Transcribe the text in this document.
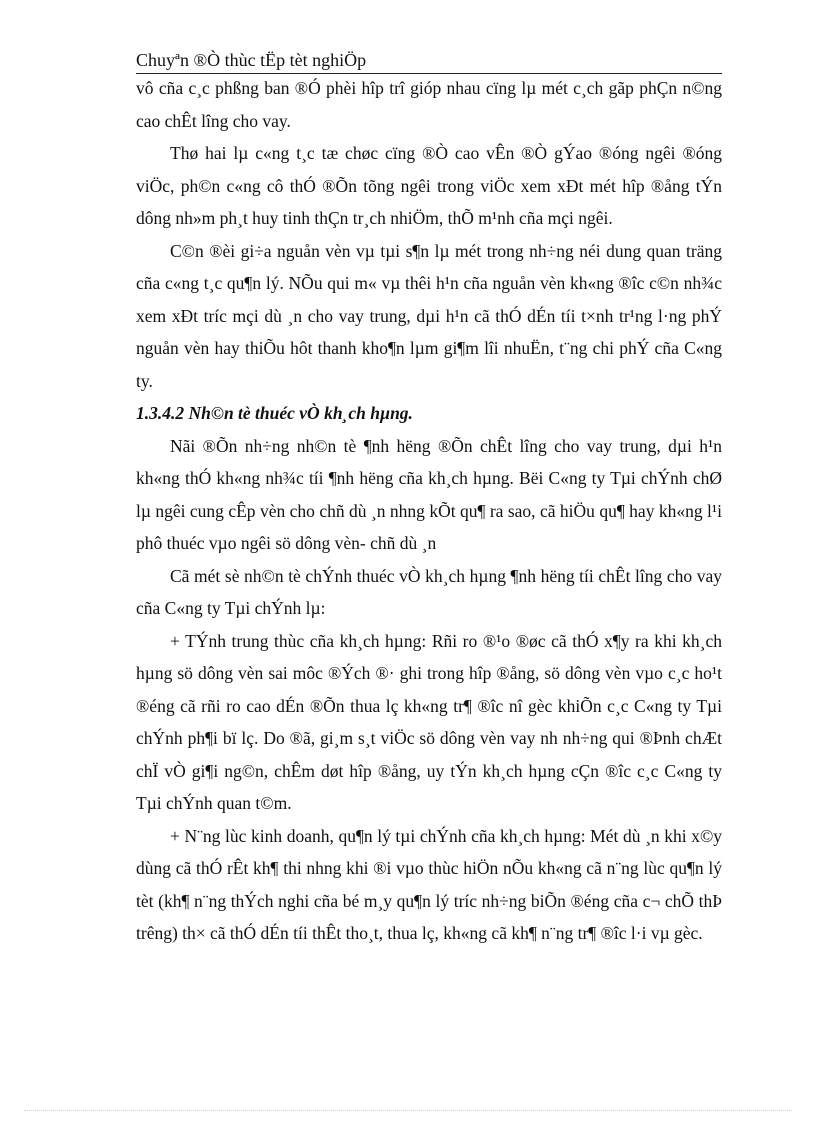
Chuyªn ®Ò thùc tËp tèt nghiÖp

vô cña c¸c phßng ban ®Ó phèi hîp trî gióp nhau cïng lµ mét c¸ch gãp phÇn n©ng cao chÊt lîng cho vay.

Thø hai lµ c«ng t¸c tæ chøc cïng ®Ò cao vÊn ®Ò gÝao ®óng ngêi ®óng viÖc, ph©n c«ng cô thÓ ®Õn tõng ngêi trong viÖc xem xÐt mét hîp ®ång tÝn dông nh»m ph¸t huy tinh thÇn tr¸ch nhiÖm, thÕ m¹nh cña mçi ngêi.

C©n ®èi gi÷a nguån vèn vµ tµi s¶n lµ mét trong nh÷ng néi dung quan träng cña c«ng t¸c qu¶n lý. NÕu qui m« vµ thêi h¹n cña nguån vèn kh«ng ®îc c©n nh¾c xem xÐt tríc mçi dù ¸n cho vay trung, dµi h¹n cã thÓ dÉn tíi t×nh tr¹ng l·ng phÝ nguån vèn hay thiÕu hôt thanh kho¶n lµm gi¶m lîi nhuËn, t¨ng chi phÝ cña C«ng ty.

1.3.4.2 Nh©n tè thuéc vÒ kh¸ch hµng.

Nãi ®Õn nh÷ng nh©n tè ¶nh hëng ®Õn chÊt lîng cho vay trung, dµi h¹n kh«ng thÓ kh«ng nh¾c tíi ¶nh hëng cña kh¸ch hµng. Bëi C«ng ty Tµi chÝnh chØ lµ ngêi cung cÊp vèn cho chñ dù ¸n nhng kÕt qu¶ ra sao, cã hiÖu qu¶ hay kh«ng l¹i phô thuéc vµo ngêi sö dông vèn- chñ dù ¸n

Cã mét sè nh©n tè chÝnh thuéc vÒ kh¸ch hµng ¶nh hëng tíi chÊt lîng cho vay cña C«ng ty Tµi chÝnh lµ:

+ TÝnh trung thùc cña kh¸ch hµng: Rñi ro ®¹o ®øc cã thÓ x¶y ra khi kh¸ch hµng sö dông vèn sai môc ®Ých ®· ghi trong hîp ®ång, sö dông vèn vµo c¸c ho¹t ®éng cã rñi ro cao dÉn ®Õn thua lç kh«ng tr¶ ®îc nî gèc khiÕn c¸c C«ng ty Tµi chÝnh ph¶i bï lç. Do ®ã, gi¸m s¸t viÖc sö dông vèn vay nh nh÷ng qui ®Þnh chÆt chÏ vÒ gi¶i ng©n, chÊm døt hîp ®ång, uy tÝn kh¸ch hµng cÇn ®îc c¸c C«ng ty Tµi chÝnh quan t©m.

+ N¨ng lùc kinh doanh, qu¶n lý tµi chÝnh cña kh¸ch hµng: Mét dù ¸n khi x©y dùng cã thÓ rÊt kh¶ thi nhng khi ®i vµo thùc hiÖn nÕu kh«ng cã n¨ng lùc qu¶n lý tèt (kh¶ n¨ng thÝch nghi cña bé m¸y qu¶n lý tríc nh÷ng biÕn ®éng cña c¬ chÕ thÞ trêng) th× cã thÓ dÉn tíi thÊt tho¸t, thua lç, kh«ng cã kh¶ n¨ng tr¶ ®îc l·i vµ gèc.
